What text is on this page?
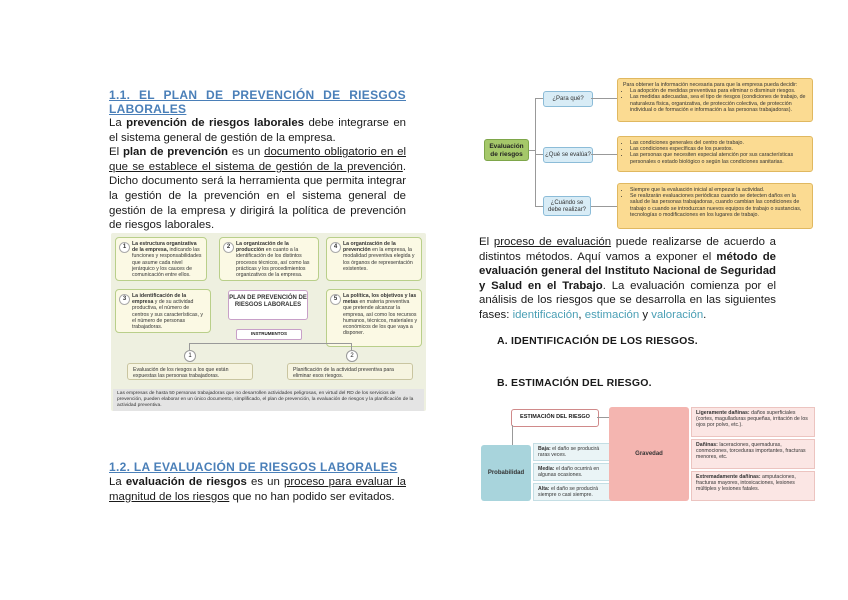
1.1. EL PLAN DE PREVENCIÓN DE RIESGOS LABORALES
La prevención de riesgos laborales debe integrarse en el sistema general de gestión de la empresa.
El plan de prevención es un documento obligatorio en el que se establece el sistema de gestión de la prevención. Dicho documento será la herramienta que permita integrar la gestión de la prevención en el sistema general de gestión de la empresa y dirigirá la política de prevención de riesgos laborales.
1	La estructura organizativa de la empresa, indicando las funciones y responsabilidades que asume cada nivel jerárquico y los cauces de comunicación entre ellos.
2	La organización de la producción en cuanto a la identificación de los distintos procesos técnicos, así como las prácticas y los procedimientos organizativos de la empresa.
4	La organización de la prevención en la empresa, la modalidad preventiva elegida y los órganos de representación existentes.
3	La identificación de la empresa y de su actividad productiva, el número de centros y sus características, y el número de personas trabajadoras.
5	La política, los objetivos y las metas en materia preventiva que pretende alcanzar la empresa, así como los recursos humanos, técnicos, materiales y económicos de los que vaya a disponer.
PLAN DE PREVENCIÓN DE RIESGOS LABORALES
INSTRUMENTOS
1	2
Evaluación de los riesgos a los que están expuestas las personas trabajadoras.
Planificación de la actividad preventiva para eliminar esos riesgos.
Las empresas de hasta 50 personas trabajadoras que no desarrollen actividades peligrosas, en virtud del RD de los servicios de prevención, pueden elaborar en un único documento, simplificado, el plan de prevención, la evaluación de riesgos y la planificación de la actividad preventiva.
1.2. LA EVALUACIÓN DE RIESGOS LABORALES
La evaluación de riesgos es un proceso para evaluar la magnitud de los riesgos que no han podido ser evitados.
Evaluación de riesgos
¿Para qué?
¿Qué se evalúa?
¿Cuándo se debe realizar?
Para obtener la información necesaria para que la empresa pueda decidir:
• La adopción de medidas preventivas para eliminar o disminuir riesgos.
• Las medidas adecuadas, sea el tipo de riesgos (condiciones de trabajo, de naturaleza física, organizativa, de protección colectiva, de protección individual o de formación e información a las personas trabajadoras).
• Las condiciones generales del centro de trabajo.
• Las condiciones específicas de los puestos.
• Las personas que necesiten especial atención por sus características personales o estado biológico o según las condiciones sanitarias.
• Siempre que la evaluación inicial al empezar la actividad.
• Se realizarán evaluaciones periódicas cuando se detecten daños en la salud de las personas trabajadoras, cuando cambian las condiciones de trabajo o cuando se introduzcan nuevos equipos de trabajo o sustancias, tecnologías o modificaciones en los lugares de trabajo.
El proceso de evaluación puede realizarse de acuerdo a distintos métodos. Aquí vamos a exponer el método de evaluación general del Instituto Nacional de Seguridad y Salud en el Trabajo. La evaluación comienza por el análisis de los riesgos que se desarrolla en las siguientes fases: identificación, estimación y valoración.
A. IDENTIFICACIÓN DE LOS RIESGOS.
B. ESTIMACIÓN DEL RIESGO.
ESTIMACIÓN DEL RIESGO
Probabilidad
Baja: el daño se producirá raras veces.
Media: el daño ocurrirá en algunas ocasiones.
Alta: el daño se producirá siempre o casi siempre.
Gravedad
Ligeramente dañinas: daños superficiales (cortes, magulladuras pequeñas, irritación de los ojos por polvo, etc.).
Dañinas: laceraciones, quemaduras, conmociones, torceduras importantes, fracturas menores, etc.
Extremadamente dañinas: amputaciones, fracturas mayores, intoxicaciones, lesiones múltiples y lesiones fatales.
